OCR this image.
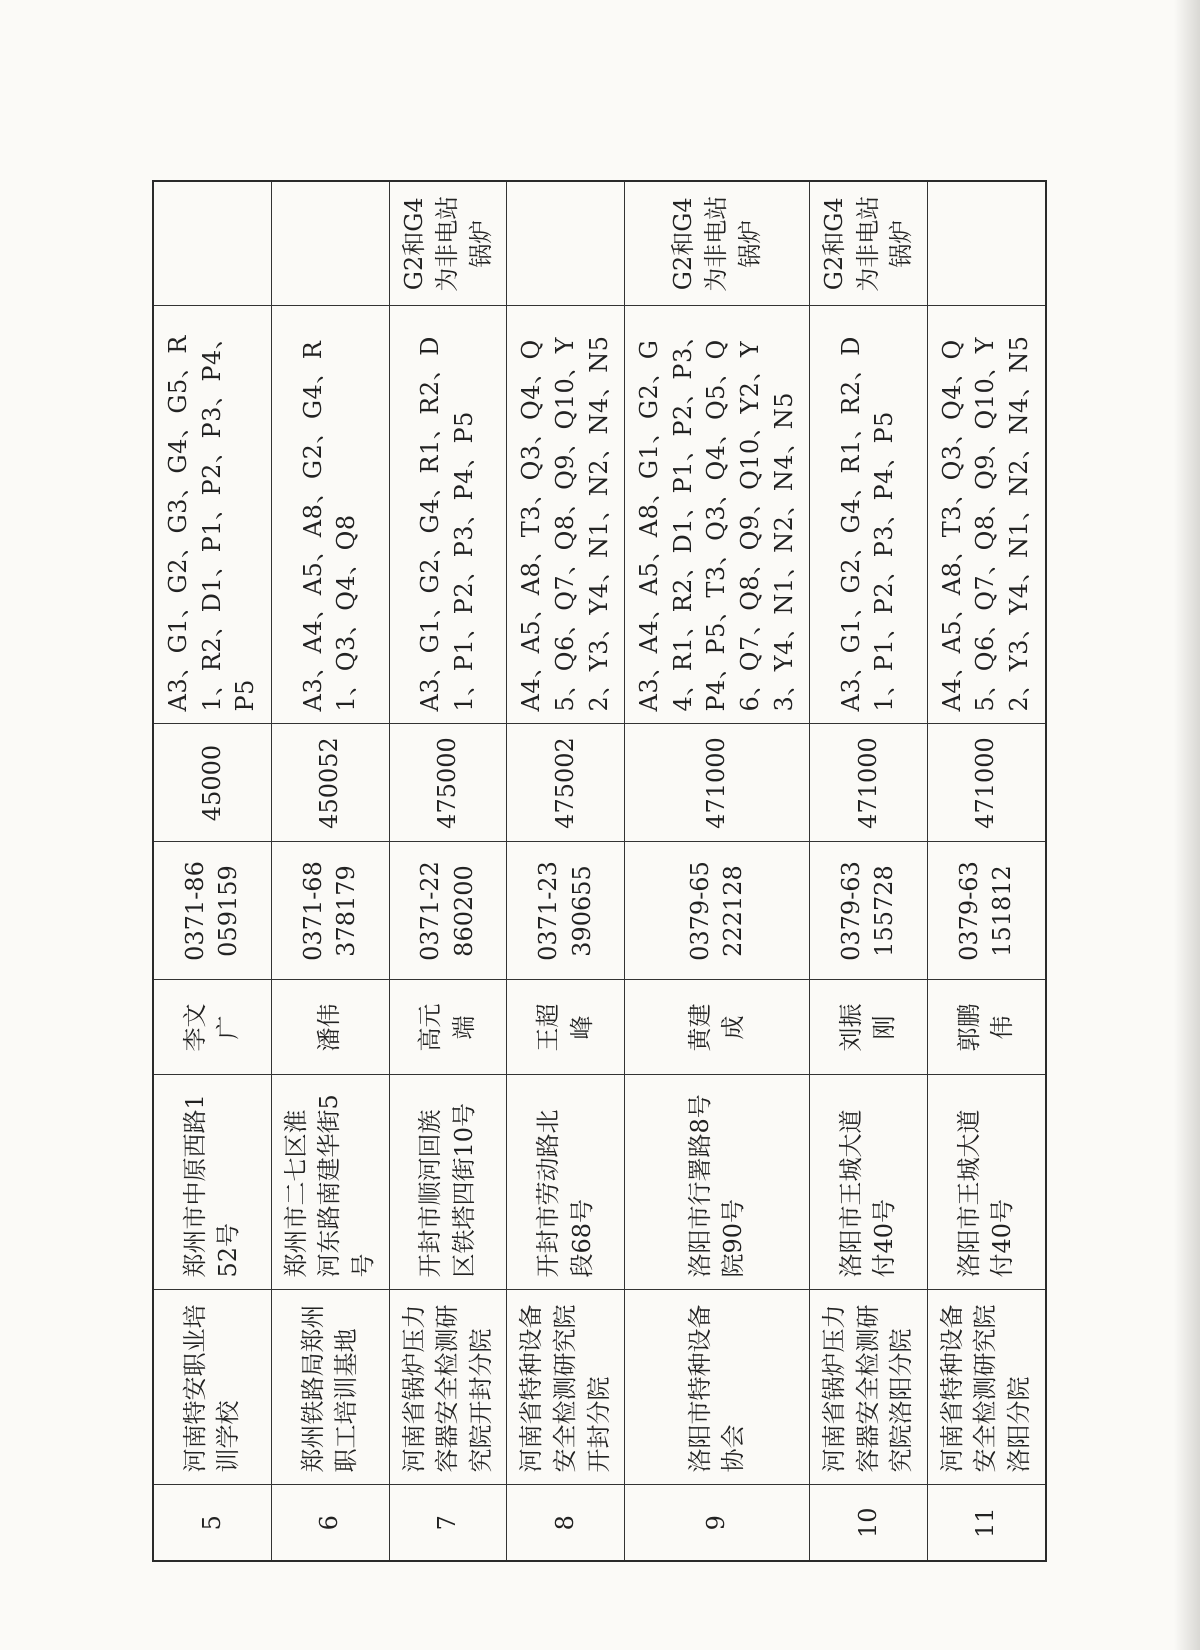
5	河南特安职业培训学校	郑州市中原西路152号	李文广	0371-86059159	45000	A3、G1、G2、G3、G4、G5、R1、R2、D1、P1、P2、P3、P4、P5	
6	郑州铁路局郑州职工培训基地	郑州市二七区淮河东路南建华街5号	潘伟	0371-68378179	450052	A3、A4、A5、A8、G2、G4、R1、Q3、Q4、Q8	
7	河南省锅炉压力容器安全检测研究院开封分院	开封市顺河回族区铁塔四街10号	高元端	0371-22860200	475000	A3、G1、G2、G4、R1、R2、D1、P1、P2、P3、P4、P5	G2和G4为非电站锅炉
8	河南省特种设备安全检测研究院开封分院	开封市劳动路北段68号	王超峰	0371-23390655	475002	A4、A5、A8、T3、Q3、Q4、Q5、Q6、Q7、Q8、Q9、Q10、Y2、Y3、Y4、N1、N2、N4、N5	
9	洛阳市特种设备协会	洛阳市行署路8号院90号	黄建成	0379-65222128	471000	A3、A4、A5、A8、G1、G2、G4、R1、R2、D1、P1、P2、P3、P4、P5、T3、Q3、Q4、Q5、Q6、Q7、Q8、Q9、Q10、Y2、Y3、Y4、N1、N2、N4、N5	G2和G4为非电站锅炉
10	河南省锅炉压力容器安全检测研究院洛阳分院	洛阳市王城大道付40号	刘振刚	0379-63155728	471000	A3、G1、G2、G4、R1、R2、D1、P1、P2、P3、P4、P5	G2和G4为非电站锅炉
11	河南省特种设备安全检测研究院洛阳分院	洛阳市王城大道付40号	郭鹏伟	0379-63151812	471000	A4、A5、A8、T3、Q3、Q4、Q5、Q6、Q7、Q8、Q9、Q10、Y2、Y3、Y4、N1、N2、N4、N5	
